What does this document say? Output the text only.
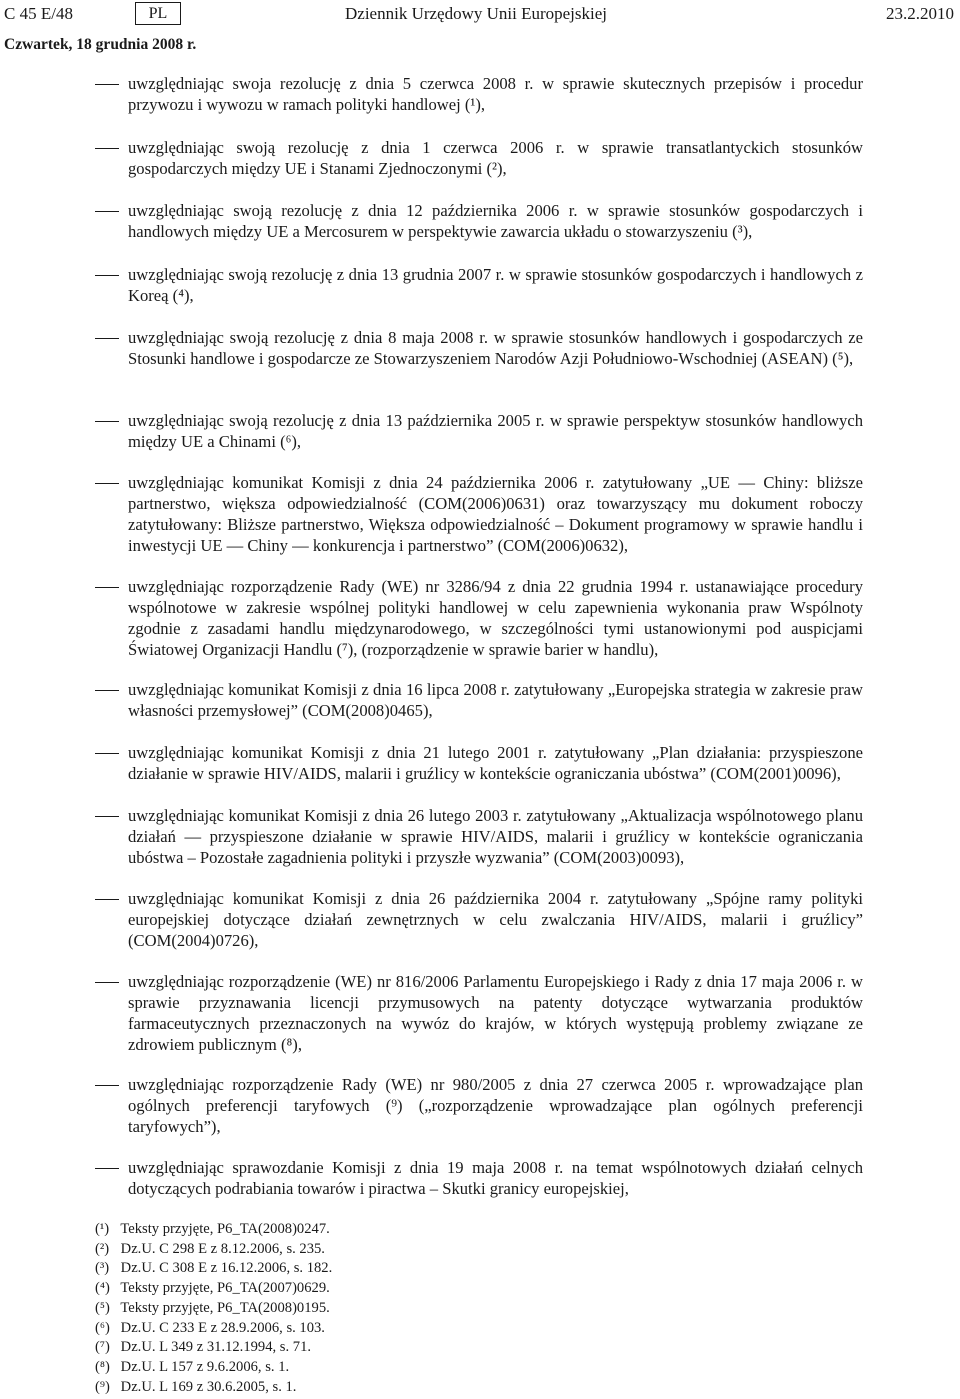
C 45 E/48	PL	Dziennik Urzędowy Unii Europejskiej	23.2.2010
Czwartek, 18 grudnia 2008 r.
uwzględniając swoja rezolucję z dnia 5 czerwca 2008 r. w sprawie skutecznych przepisów i procedur przywozu i wywozu w ramach polityki handlowej (¹),
uwzględniając swoją rezolucję z dnia 1 czerwca 2006 r. w sprawie transatlantyckich stosunków gospodarczych między UE i Stanami Zjednoczonymi (²),
uwzględniając swoją rezolucję z dnia 12 października 2006 r. w sprawie stosunków gospodarczych i handlowych między UE a Mercosurem w perspektywie zawarcia układu o stowarzyszeniu (³),
uwzględniając swoją rezolucję z dnia 13 grudnia 2007 r. w sprawie stosunków gospodarczych i handlowych z Koreą (⁴),
uwzględniając swoją rezolucję z dnia 8 maja 2008 r. w sprawie stosunków handlowych i gospodarczych ze Stosunki handlowe i gospodarcze ze Stowarzyszeniem Narodów Azji Południowo-Wschodniej (ASEAN) (⁵),
uwzględniając swoją rezolucję z dnia 13 października 2005 r. w sprawie perspektyw stosunków handlowych między UE a Chinami (⁶),
uwzględniając komunikat Komisji z dnia 24 października 2006 r. zatytułowany „UE — Chiny: bliższe partnerstwo, większa odpowiedzialność (COM(2006)0631) oraz towarzyszący mu dokument roboczy zatytułowany: Bliższe partnerstwo, Większa odpowiedzialność – Dokument programowy w sprawie handlu i inwestycji UE — Chiny — konkurencja i partnerstwo” (COM(2006)0632),
uwzględniając rozporządzenie Rady (WE) nr 3286/94 z dnia 22 grudnia 1994 r. ustanawiające procedury wspólnotowe w zakresie wspólnej polityki handlowej w celu zapewnienia wykonania praw Wspólnoty zgodnie z zasadami handlu międzynarodowego, w szczególności tymi ustanowionymi pod auspicjami Światowej Organizacji Handlu (⁷), (rozporządzenie w sprawie barier w handlu),
uwzględniając komunikat Komisji z dnia 16 lipca 2008 r. zatytułowany „Europejska strategia w zakresie praw własności przemysłowej” (COM(2008)0465),
uwzględniając komunikat Komisji z dnia 21 lutego 2001 r. zatytułowany „Plan działania: przyspieszone działanie w sprawie HIV/AIDS, malarii i gruźlicy w kontekście ograniczania ubóstwa” (COM(2001)0096),
uwzględniając komunikat Komisji z dnia 26 lutego 2003 r. zatytułowany „Aktualizacja wspólnotowego planu działań — przyspieszone działanie w sprawie HIV/AIDS, malarii i gruźlicy w kontekście ograniczania ubóstwa – Pozostałe zagadnienia polityki i przyszłe wyzwania” (COM(2003)0093),
uwzględniając komunikat Komisji z dnia 26 października 2004 r. zatytułowany „Spójne ramy polityki europejskiej dotyczące działań zewnętrznych w celu zwalczania HIV/AIDS, malarii i gruźlicy” (COM(2004)0726),
uwzględniając rozporządzenie (WE) nr 816/2006 Parlamentu Europejskiego i Rady z dnia 17 maja 2006 r. w sprawie przyznawania licencji przymusowych na patenty dotyczące wytwarzania produktów farmaceutycznych przeznaczonych na wywóz do krajów, w których występują problemy związane ze zdrowiem publicznym (⁸),
uwzględniając rozporządzenie Rady (WE) nr 980/2005 z dnia 27 czerwca 2005 r. wprowadzające plan ogólnych preferencji taryfowych (⁹) („rozporządzenie wprowadzające plan ogólnych preferencji taryfowych”),
uwzględniając sprawozdanie Komisji z dnia 19 maja 2008 r. na temat wspólnotowych działań celnych dotyczących podrabiania towarów i piractwa – Skutki granicy europejskiej,
(¹) Teksty przyjęte, P6_TA(2008)0247.
(²) Dz.U. C 298 E z 8.12.2006, s. 235.
(³) Dz.U. C 308 E z 16.12.2006, s. 182.
(⁴) Teksty przyjęte, P6_TA(2007)0629.
(⁵) Teksty przyjęte, P6_TA(2008)0195.
(⁶) Dz.U. C 233 E z 28.9.2006, s. 103.
(⁷) Dz.U. L 349 z 31.12.1994, s. 71.
(⁸) Dz.U. L 157 z 9.6.2006, s. 1.
(⁹) Dz.U. L 169 z 30.6.2005, s. 1.
